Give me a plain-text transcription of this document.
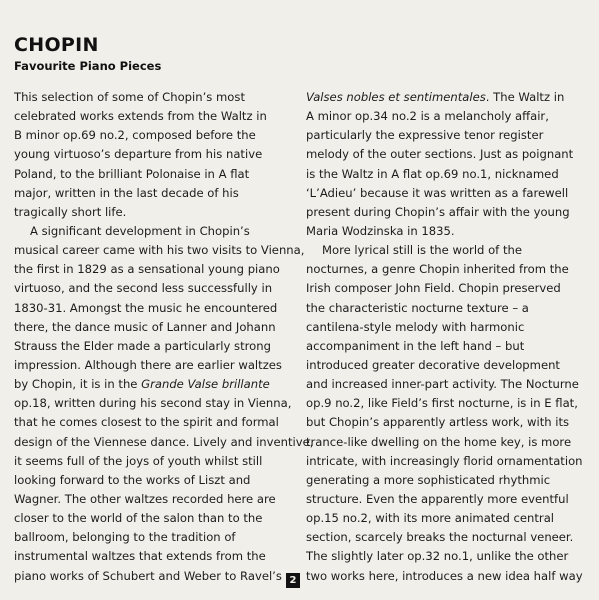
CHOPIN
Favourite Piano Pieces
This selection of some of Chopin’s most
celebrated works extends from the Waltz in
B minor op.69 no.2, composed before the
young virtuoso’s departure from his native
Poland, to the brilliant Polonaise in A flat
major, written in the last decade of his
tragically short life.
A significant development in Chopin’s
musical career came with his two visits to Vienna,
the first in 1829 as a sensational young piano
virtuoso, and the second less successfully in
1830-31. Amongst the music he encountered
there, the dance music of Lanner and Johann
Strauss the Elder made a particularly strong
impression. Although there are earlier waltzes
by Chopin, it is in the Grande Valse brillante
op.18, written during his second stay in Vienna,
that he comes closest to the spirit and formal
design of the Viennese dance. Lively and inventive,
it seems full of the joys of youth whilst still
looking forward to the works of Liszt and
Wagner. The other waltzes recorded here are
closer to the world of the salon than to the
ballroom, belonging to the tradition of
instrumental waltzes that extends from the
piano works of Schubert and Weber to Ravel’s
Valses nobles et sentimentales. The Waltz in
A minor op.34 no.2 is a melancholy affair,
particularly the expressive tenor register
melody of the outer sections. Just as poignant
is the Waltz in A flat op.69 no.1, nicknamed
‘L’Adieu’ because it was written as a farewell
present during Chopin’s affair with the young
Maria Wodzinska in 1835.
More lyrical still is the world of the
nocturnes, a genre Chopin inherited from the
Irish composer John Field. Chopin preserved
the characteristic nocturne texture – a
cantilena-style melody with harmonic
accompaniment in the left hand – but
introduced greater decorative development
and increased inner-part activity. The Nocturne
op.9 no.2, like Field’s first nocturne, is in E flat,
but Chopin’s apparently artless work, with its
trance-like dwelling on the home key, is more
intricate, with increasingly florid ornamentation
generating a more sophisticated rhythmic
structure. Even the apparently more eventful
op.15 no.2, with its more animated central
section, scarcely breaks the nocturnal veneer.
The slightly later op.32 no.1, unlike the other
two works here, introduces a new idea half way
2
